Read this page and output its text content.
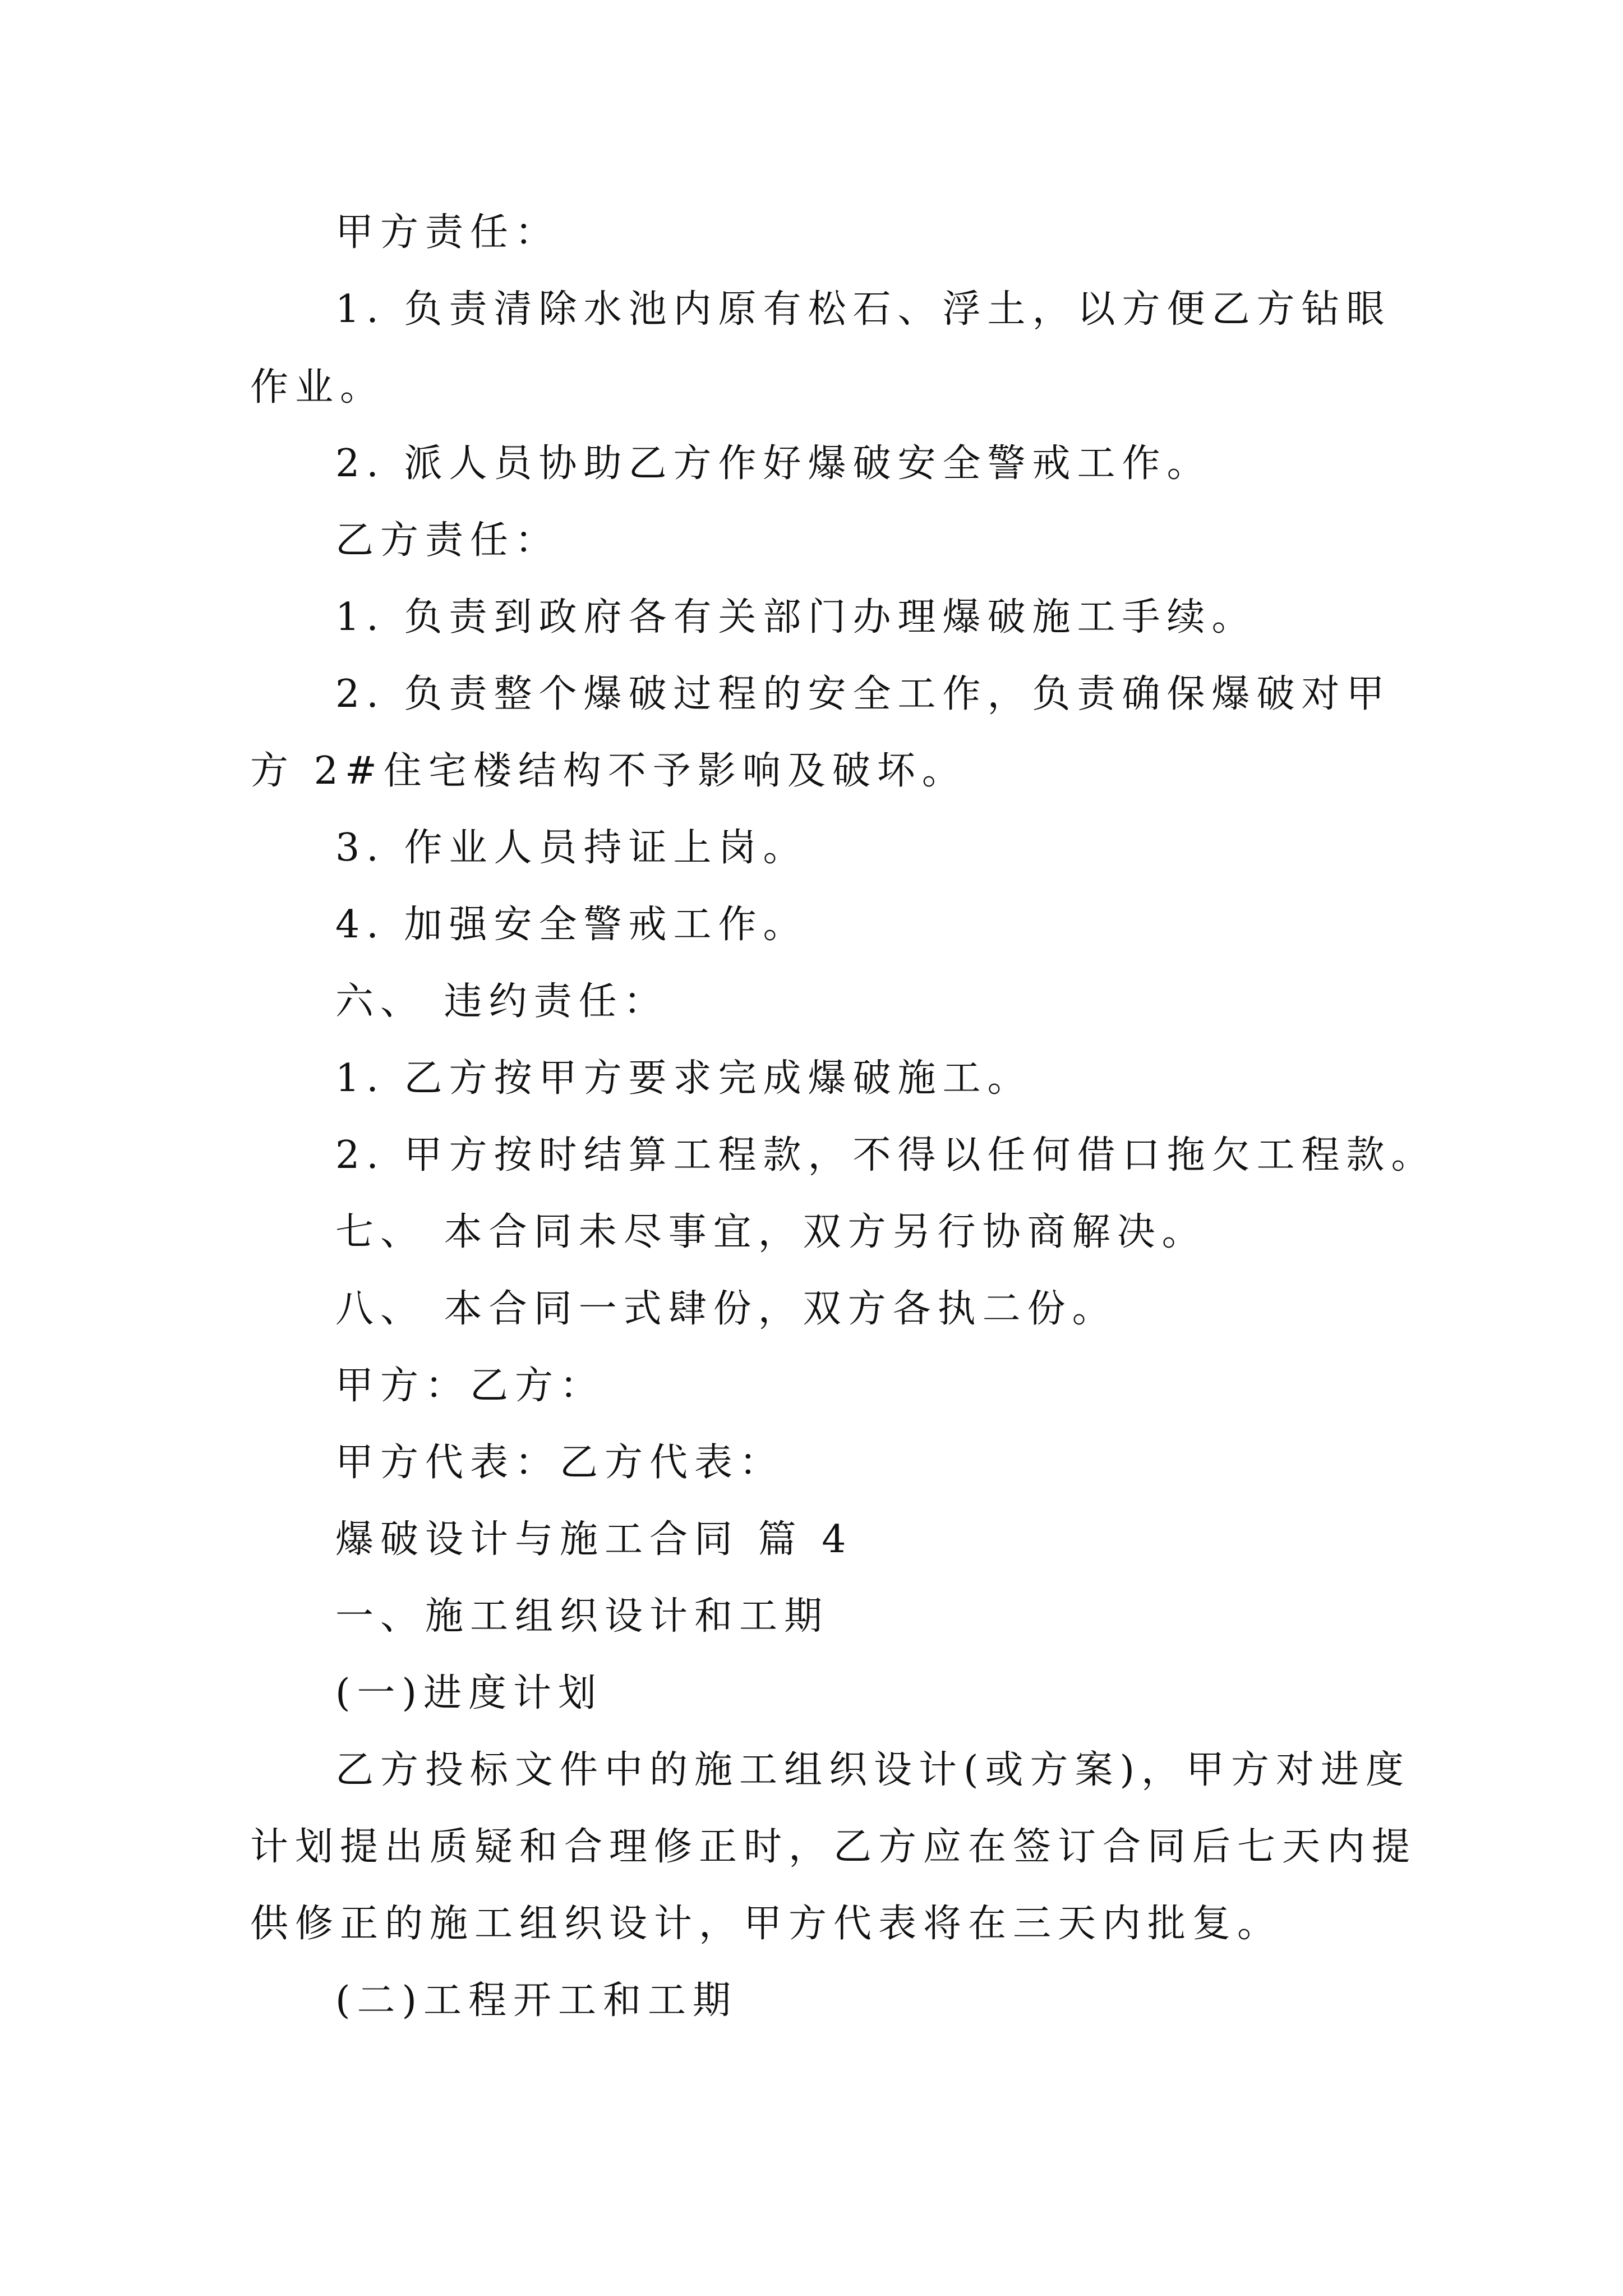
甲方责任：

1. 负责清除水池内原有松石、浮土，以方便乙方钻眼

作业。

2. 派人员协助乙方作好爆破安全警戒工作。

乙方责任：

1. 负责到政府各有关部门办理爆破施工手续。

2. 负责整个爆破过程的安全工作，负责确保爆破对甲

方 2#住宅楼结构不予影响及破坏。

3. 作业人员持证上岗。

4. 加强安全警戒工作。

六、 违约责任：

1. 乙方按甲方要求完成爆破施工。

2. 甲方按时结算工程款，不得以任何借口拖欠工程款。

七、 本合同未尽事宜，双方另行协商解决。

八、 本合同一式肆份，双方各执二份。

甲方：乙方：

甲方代表：乙方代表：

爆破设计与施工合同 篇 4

一、施工组织设计和工期

(一)进度计划

乙方投标文件中的施工组织设计(或方案)，甲方对进度

计划提出质疑和合理修正时，乙方应在签订合同后七天内提

供修正的施工组织设计，甲方代表将在三天内批复。

(二)工程开工和工期
